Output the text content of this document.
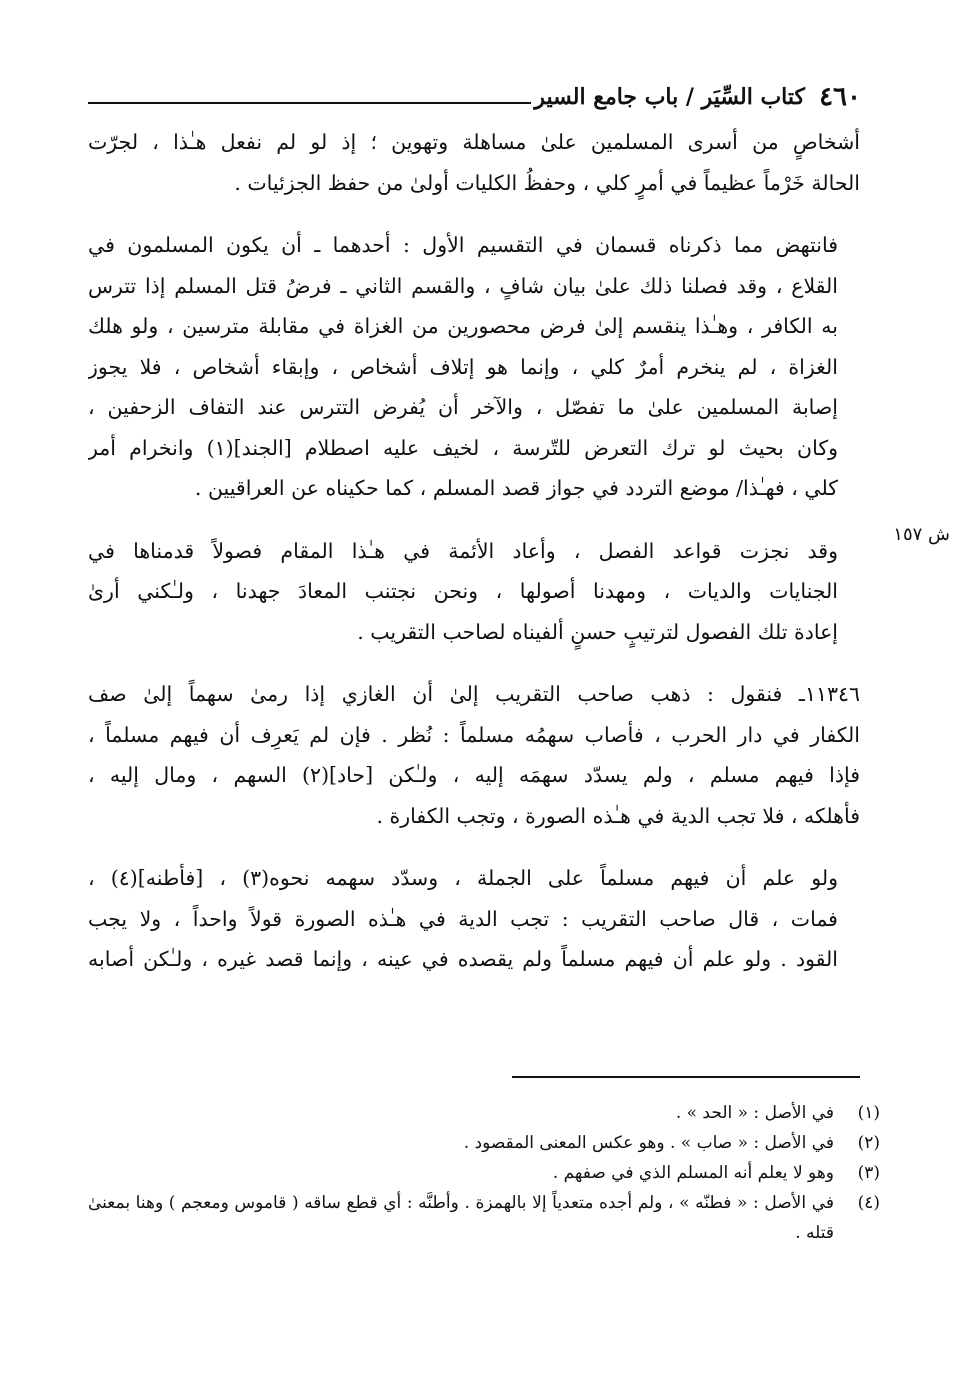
٤٦٠
كتاب السِّيَر / باب جامع السير
ش ١٥٧

أشخاصٍ من أسرى المسلمين علىٰ مساهلة وتهوين ؛ إذ لو لم نفعل هـٰذا ، لجرّت
الحالة خَرْماً عظيماً في أمرٍ كلي ، وحفظُ الكليات أولىٰ من حفظ الجزئيات .

فانتهض مما ذكرناه قسمان في التقسيم الأول : أحدهما ـ أن يكون المسلمون في
القلاع ، وقد فصلنا ذلك علىٰ بيان شافٍ ، والقسم الثاني ـ فرضُ قتل المسلم إذا تترس
به الكافر ، وهـٰذا ينقسم إلىٰ فرض محصورين من الغزاة في مقابلة مترسين ، ولو هلك
الغزاة ، لم ينخرم أمرٌ كلي ، وإنما هو إتلاف أشخاص ، وإبقاء أشخاص ، فلا يجوز
إصابة المسلمين علىٰ ما تفصّل ، والآخر أن يُفرض التترس عند التفاف الزحفين ،
وكان بحيث لو ترك التعرض للتّرسة ، لخيف عليه اصطلام [الجند](١) وانخرام أمر
كلي ، فهـٰذا/ موضع التردد في جواز قصد المسلم ، كما حكيناه عن العراقيين .

وقد نجزت قواعد الفصل ، وأعاد الأئمة في هـٰذا المقام فصولاً قدمناها في
الجنايات والديات ، ومهدنا أصولها ، ونحن نجتنب المعادَ جهدنا ، ولـٰكني أرىٰ
إعادة تلك الفصول لترتيبٍ حسنٍ ألفيناه لصاحب التقريب .

١١٣٤٦ـ فنقول : ذهب صاحب التقريب إلىٰ أن الغازي إذا رمىٰ سهماً إلىٰ صف
الكفار في دار الحرب ، فأصاب سهمُه مسلماً : نُظر . فإن لم يَعرِف أن فيهم مسلماً ،
فإذا فيهم مسلم ، ولم يسدّد سهمَه إليه ، ولـٰكن [حاد](٢) السهم ، ومال إليه ،
فأهلكه ، فلا تجب الدية في هـٰذه الصورة ، وتجب الكفارة .

ولو علم أن فيهم مسلماً على الجملة ، وسدّد سهمه نحوه(٣) ، [فأطنه](٤) ،
فمات ، قال صاحب التقريب : تجب الدية في هـٰذه الصورة قولاً واحداً ، ولا يجب
القود . ولو علم أن فيهم مسلماً ولم يقصده في عينه ، وإنما قصد غيره ، ولـٰكن أصابه

(١)
في الأصل : « الحد » .
(٢)
في الأصل : « صاب » . وهو عكس المعنى المقصود .
(٣)
وهو لا يعلم أنه المسلم الذي في صفهم .
(٤)
في الأصل : « فطنّه » ، ولم أجده متعدياً إلا بالهمزة . وأطنَّه : أي قطع ساقه ( قاموس ومعجم ) وهنا بمعنىٰ قتله .
